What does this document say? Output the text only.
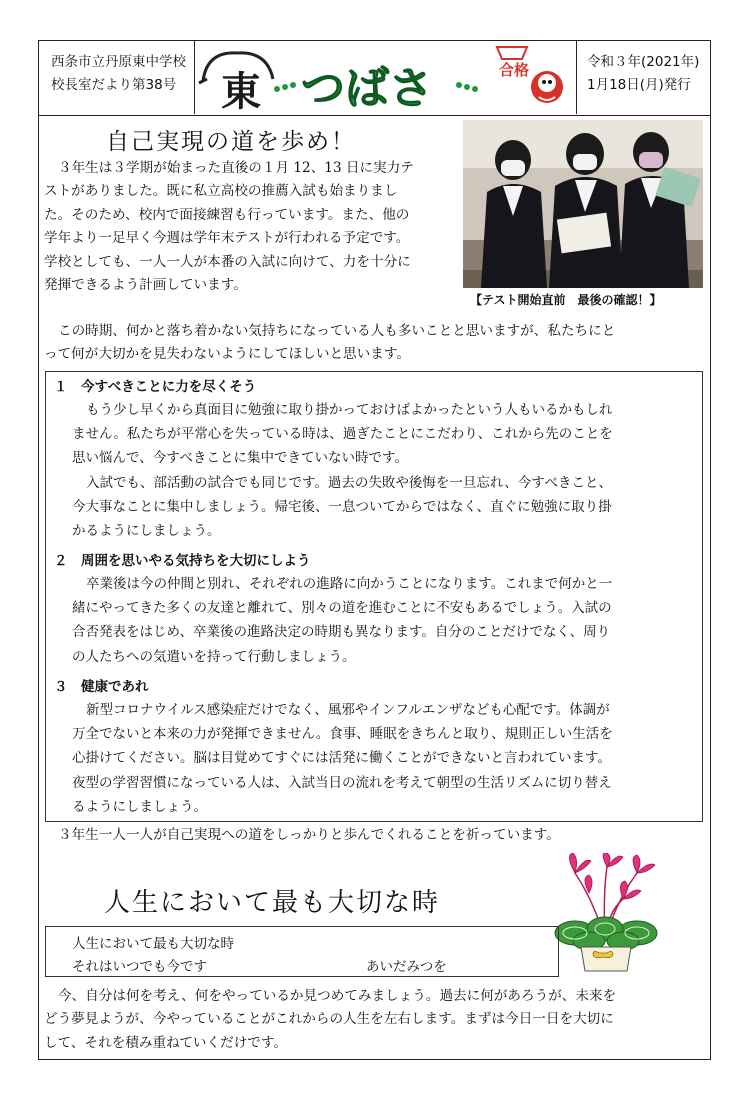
西条市立丹原東中学校
校長室だより第38号	東 つばさ	合格	令和３年(2021年)
1月18日(月)発行
自己実現の道を歩め！

３年生は３学期が始まった直後の１月 12、13 日に実力テ

ストがありました。既に私立高校の推薦入試も始まりまし

た。そのため、校内で面接練習も行っています。また、他の

学年より一足早く今週は学年末テストが行われる予定です。

学校としても、一人一人が本番の入試に向けて、力を十分に

発揮できるよう計画しています。

【テスト開始直前　最後の確認！】

この時期、何かと落ち着かない気持ちになっている人も多いことと思いますが、私たちにと

って何が大切かを見失わないようにしてほしいと思います。

１　今すべきことに力を尽くそう
もう少し早くから真面目に勉強に取り掛かっておけばよかったという人もいるかもしれ
ません。私たちが平常心を失っている時は、過ぎたことにこだわり、これから先のことを
思い悩んで、今すべきことに集中できていない時です。
入試でも、部活動の試合でも同じです。過去の失敗や後悔を一旦忘れ、今すべきこと、
今大事なことに集中しましょう。帰宅後、一息ついてからではなく、直ぐに勉強に取り掛
かるようにしましょう。
２　周囲を思いやる気持ちを大切にしよう
卒業後は今の仲間と別れ、それぞれの進路に向かうことになります。これまで何かと一
緒にやってきた多くの友達と離れて、別々の道を進むことに不安もあるでしょう。入試の
合否発表をはじめ、卒業後の進路決定の時期も異なります。自分のことだけでなく、周り
の人たちへの気遣いを持って行動しましょう。
３　健康であれ
新型コロナウイルス感染症だけでなく、風邪やインフルエンザなども心配です。体調が
万全でないと本来の力が発揮できません。食事、睡眠をきちんと取り、規則正しい生活を
心掛けてください。脳は目覚めてすぐには活発に働くことができないと言われています。
夜型の学習習慣になっている人は、入試当日の流れを考えて朝型の生活リズムに切り替え
るようにしましょう。
３年生一人一人が自己実現への道をしっかりと歩んでくれることを祈っています。
人生において最も大切な時
人生において最も大切な時
それはいつでも今です	あいだみつを

今、自分は何を考え、何をやっているか見つめてみましょう。過去に何があろうが、未来を

どう夢見ようが、今やっていることがこれからの人生を左右します。まずは今日一日を大切に

して、それを積み重ねていくだけです。
